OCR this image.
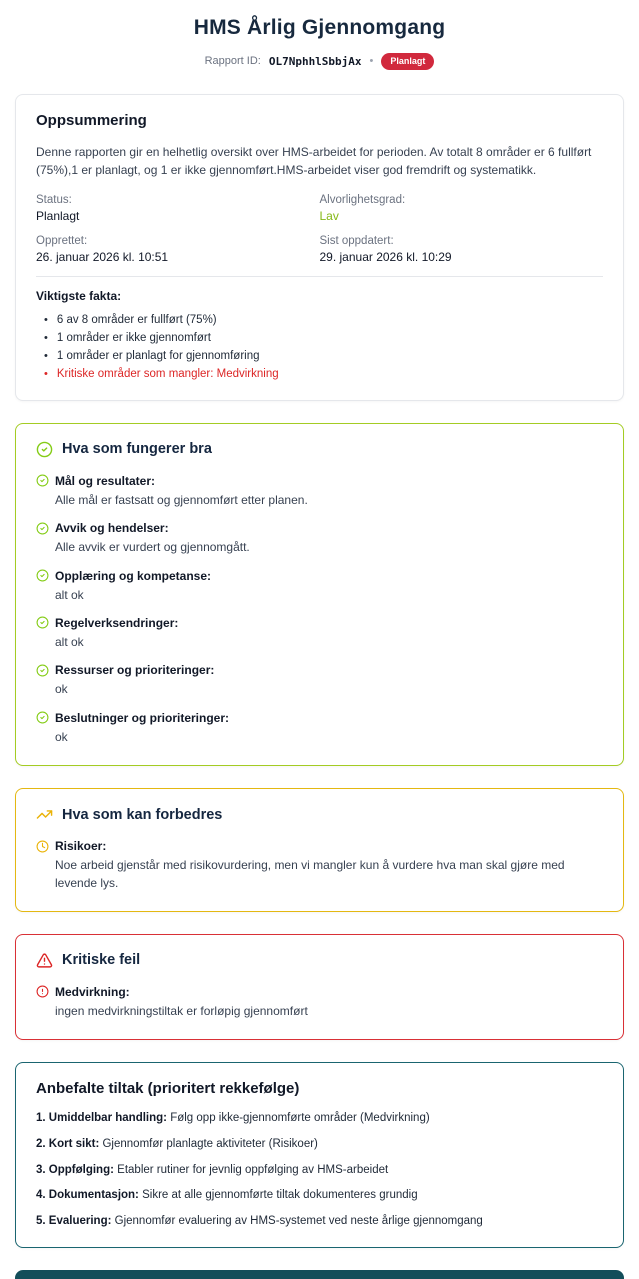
HMS Årlig Gjennomgang
Rapport ID: OL7NphhlSbbjAx •	Planlagt
Oppsummering

Denne rapporten gir en helhetlig oversikt over HMS-arbeidet for perioden. Av totalt 8 områder er 6 fullført (75%),1 er planlagt, og 1 er ikke gjennomført.HMS-arbeidet viser god fremdrift og systematikk.

Status:
Planlagt
Alvorlighetsgrad:
Lav
Opprettet:
26. januar 2026 kl. 10:51
Sist oppdatert:
29. januar 2026 kl. 10:29
Viktigste fakta:
• 6 av 8 områder er fullført (75%)
• 1 områder er ikke gjennomført
• 1 områder er planlagt for gjennomføring
• Kritiske områder som mangler: Medvirkning
Hva som fungerer bra
Mål og resultater:
Alle mål er fastsatt og gjennomført etter planen.
Avvik og hendelser:
Alle avvik er vurdert og gjennomgått.
Opplæring og kompetanse:
alt ok
Regelverksendringer:
alt ok
Ressurser og prioriteringer:
ok
Beslutninger og prioriteringer:
ok
Hva som kan forbedres
Risikoer:
Noe arbeid gjenstår med risikovurdering, men vi mangler kun å vurdere hva man skal gjøre med levende lys.
Kritiske feil
Medvirkning:
ingen medvirkningstiltak er forløpig gjennomført
Anbefalte tiltak (prioritert rekkefølge)
1. Umiddelbar handling: Følg opp ikke-gjennomførte områder (Medvirkning)
2. Kort sikt: Gjennomfør planlagte aktiviteter (Risikoer)
3. Oppfølging: Etabler rutiner for jevnlig oppfølging av HMS-arbeidet
4. Dokumentasjon: Sikre at alle gjennomførte tiltak dokumenteres grundig
5. Evaluering: Gjennomfør evaluering av HMS-systemet ved neste årlige gjennomgang
